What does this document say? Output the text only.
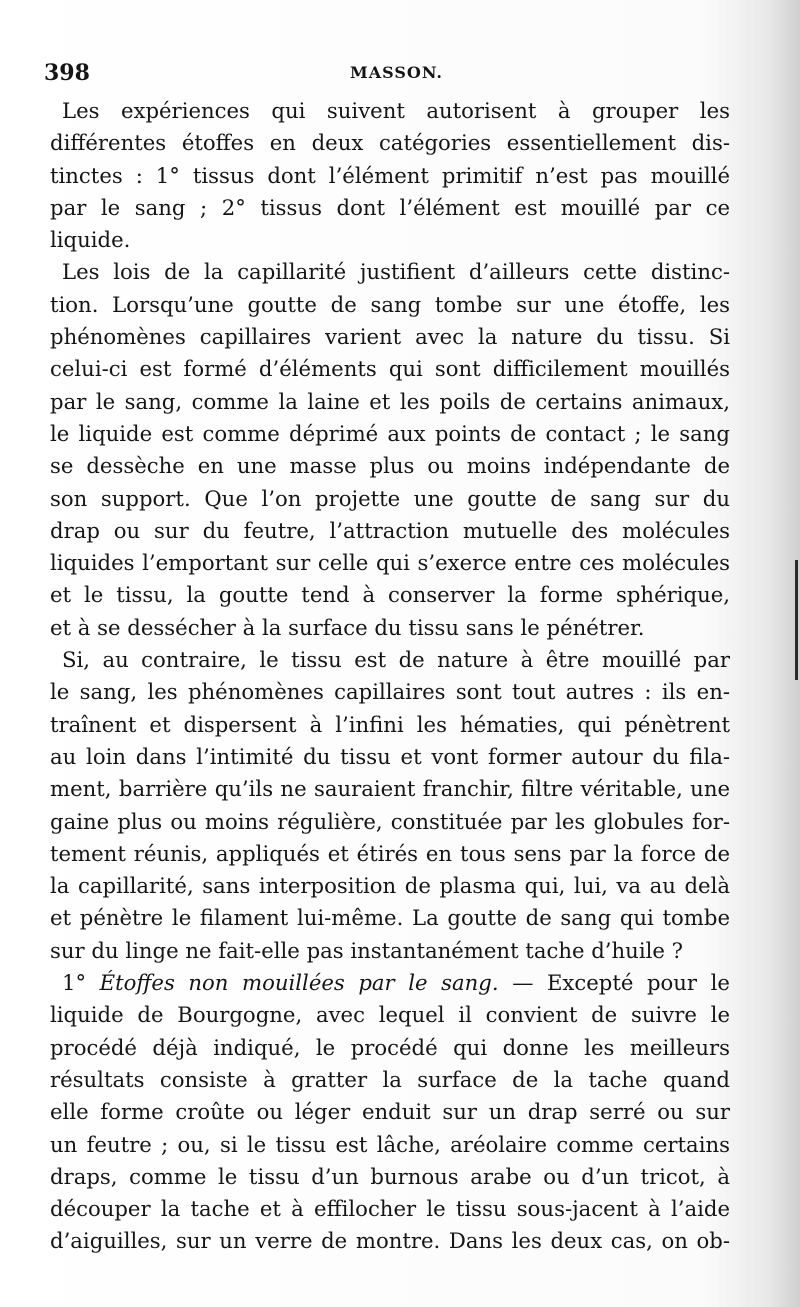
398	MASSON.
Les expériences qui suivent autorisent à grouper les
différentes étoffes en deux catégories essentiellement dis-
tinctes : 1° tissus dont l’élément primitif n’est pas mouillé
par le sang ; 2° tissus dont l’élément est mouillé par ce
liquide.
Les lois de la capillarité justifient d’ailleurs cette distinc-
tion. Lorsqu’une goutte de sang tombe sur une étoffe, les
phénomènes capillaires varient avec la nature du tissu. Si
celui-ci est formé d’éléments qui sont difficilement mouillés
par le sang, comme la laine et les poils de certains animaux,
le liquide est comme déprimé aux points de contact ; le sang
se dessèche en une masse plus ou moins indépendante de
son support. Que l’on projette une goutte de sang sur du
drap ou sur du feutre, l’attraction mutuelle des molécules
liquides l’emportant sur celle qui s’exerce entre ces molécules
et le tissu, la goutte tend à conserver la forme sphérique,
et à se dessécher à la surface du tissu sans le pénétrer.
Si, au contraire, le tissu est de nature à être mouillé par
le sang, les phénomènes capillaires sont tout autres : ils en-
traînent et dispersent à l’infini les hématies, qui pénètrent
au loin dans l’intimité du tissu et vont former autour du fila-
ment, barrière qu’ils ne sauraient franchir, filtre véritable, une
gaine plus ou moins régulière, constituée par les globules for-
tement réunis, appliqués et étirés en tous sens par la force de
la capillarité, sans interposition de plasma qui, lui, va au delà
et pénètre le filament lui-même. La goutte de sang qui tombe
sur du linge ne fait-elle pas instantanément tache d’huile ?
1° Étoffes non mouillées par le sang. — Excepté pour le
liquide de Bourgogne, avec lequel il convient de suivre le
procédé déjà indiqué, le procédé qui donne les meilleurs
résultats consiste à gratter la surface de la tache quand
elle forme croûte ou léger enduit sur un drap serré ou sur
un feutre ; ou, si le tissu est lâche, aréolaire comme certains
draps, comme le tissu d’un burnous arabe ou d’un tricot, à
découper la tache et à effilocher le tissu sous-jacent à l’aide
d’aiguilles, sur un verre de montre. Dans les deux cas, on ob-
